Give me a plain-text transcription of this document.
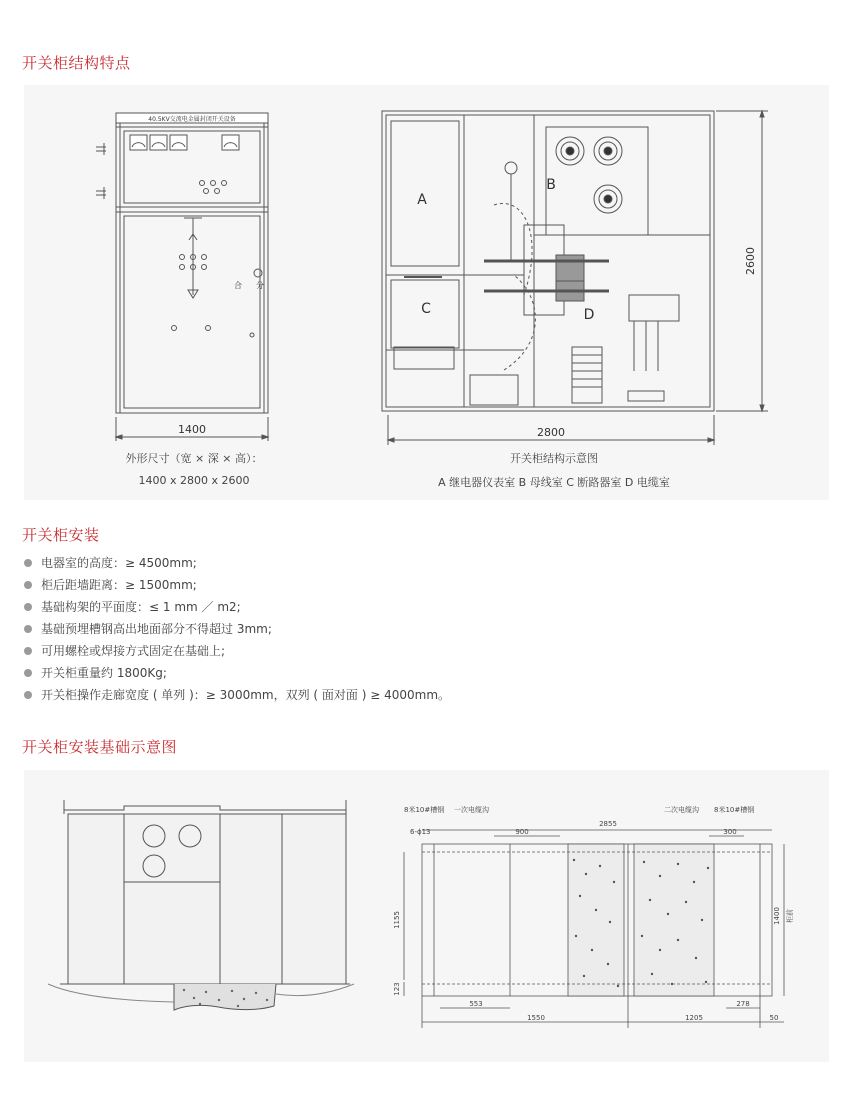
开关柜结构特点
40.5KV交流电金属封闭开关设备
合 分
1400
A
B
C	D
2800
2600
外形尺寸（宽 × 深 × 高）：
1400 x 2800 x 2600
开关柜结构示意图
A 继电器仪表室 B 母线室 C 断路器室 D 电缆室
开关柜安装
电器室的高度：≥ 4500mm;
柜后距墙距离：≥ 1500mm;
基础构架的平面度：≤ 1 mm ／ m2;
基础预埋槽钢高出地面部分不得超过 3mm;
可用螺栓或焊接方式固定在基础上;
开关柜重量约 1800Kg;
开关柜操作走廊宽度 ( 单列 )：≥ 3000mm，双列 ( 面对面 ) ≥ 4000mm。
开关柜安装基础示意图
8米10#槽钢 一次电缆沟	二次电缆沟 8米10#槽钢
6-ϕ13	900
2855
300
1155
123
1400 柜前
553	278
1550	1205	50
